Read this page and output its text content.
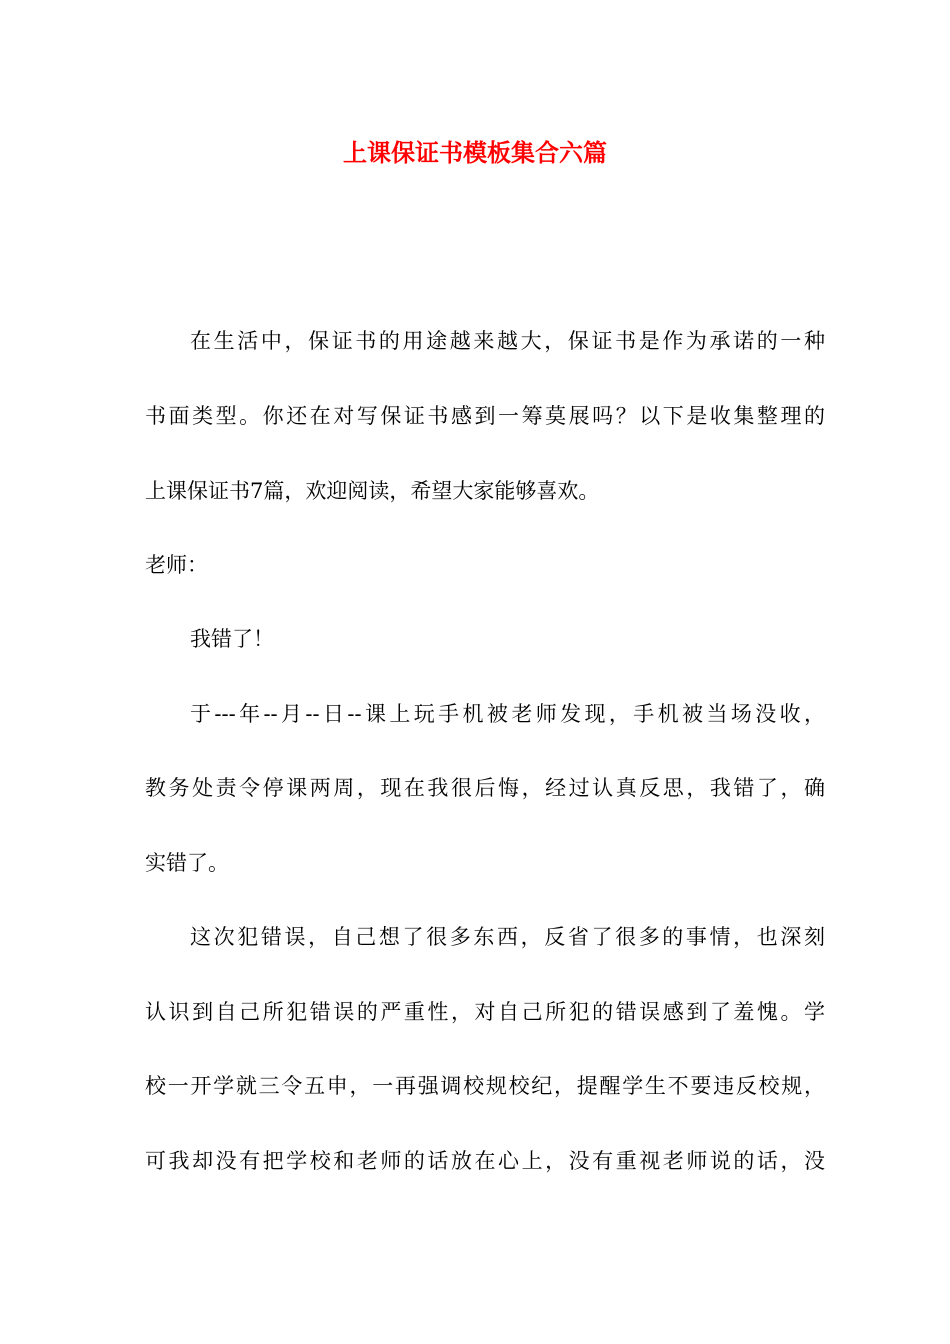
上课保证书模板集合六篇

在生活中，保证书的用途越来越大，保证书是作为承诺的一种

书面类型。你还在对写保证书感到一筹莫展吗？以下是收集整理的

上课保证书7篇，欢迎阅读，希望大家能够喜欢。

老师：

我错了！

于---年--月--日--课上玩手机被老师发现，手机被当场没收，

教务处责令停课两周，现在我很后悔，经过认真反思，我错了，确

实错了。

这次犯错误，自己想了很多东西，反省了很多的事情，也深刻

认识到自己所犯错误的严重性，对自己所犯的错误感到了羞愧。学

校一开学就三令五申，一再强调校规校纪，提醒学生不要违反校规，

可我却没有把学校和老师的话放在心上，没有重视老师说的话，没
